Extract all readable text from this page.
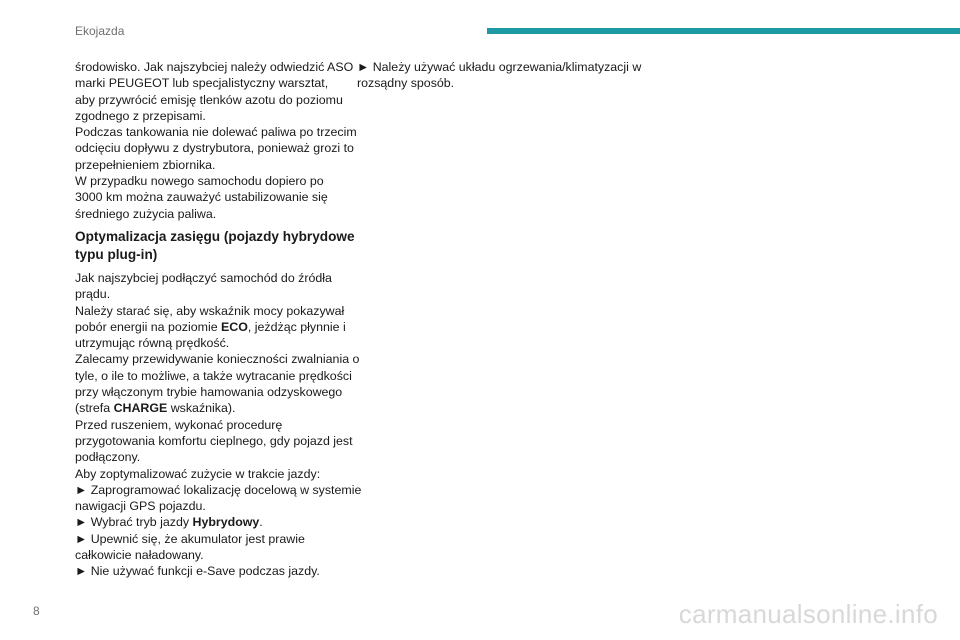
Ekojazda
środowisko. Jak najszybciej należy odwiedzić ASO
marki PEUGEOT lub specjalistyczny warsztat,
aby przywrócić emisję tlenków azotu do poziomu
zgodnego z przepisami.
Podczas tankowania nie dolewać paliwa po trzecim
odcięciu dopływu z dystrybutora, ponieważ grozi to
przepełnieniem zbiornika.
W przypadku nowego samochodu dopiero po
3000 km można zauważyć ustabilizowanie się
średniego zużycia paliwa.
Optymalizacja zasięgu (pojazdy hybrydowe
typu plug-in)
Jak najszybciej podłączyć samochód do źródła
prądu.
Należy starać się, aby wskaźnik mocy pokazywał
pobór energii na poziomie ECO, jeżdżąc płynnie i
utrzymując równą prędkość.
Zalecamy przewidywanie konieczności zwalniania o
tyle, o ile to możliwe, a także wytracanie prędkości
przy włączonym trybie hamowania odzyskowego
(strefa CHARGE wskaźnika).
Przed ruszeniem, wykonać procedurę
przygotowania komfortu cieplnego, gdy pojazd jest
podłączony.
Aby zoptymalizować zużycie w trakcie jazdy:
► Zaprogramować lokalizację docelową w systemie
nawigacji GPS pojazdu.
► Wybrać tryb jazdy Hybrydowy.
► Upewnić się, że akumulator jest prawie
całkowicie naładowany.
► Nie używać funkcji e-Save podczas jazdy.
► Należy używać układu ogrzewania/klimatyzacji w
rozsądny sposób.
8	carmanualsonline.info
